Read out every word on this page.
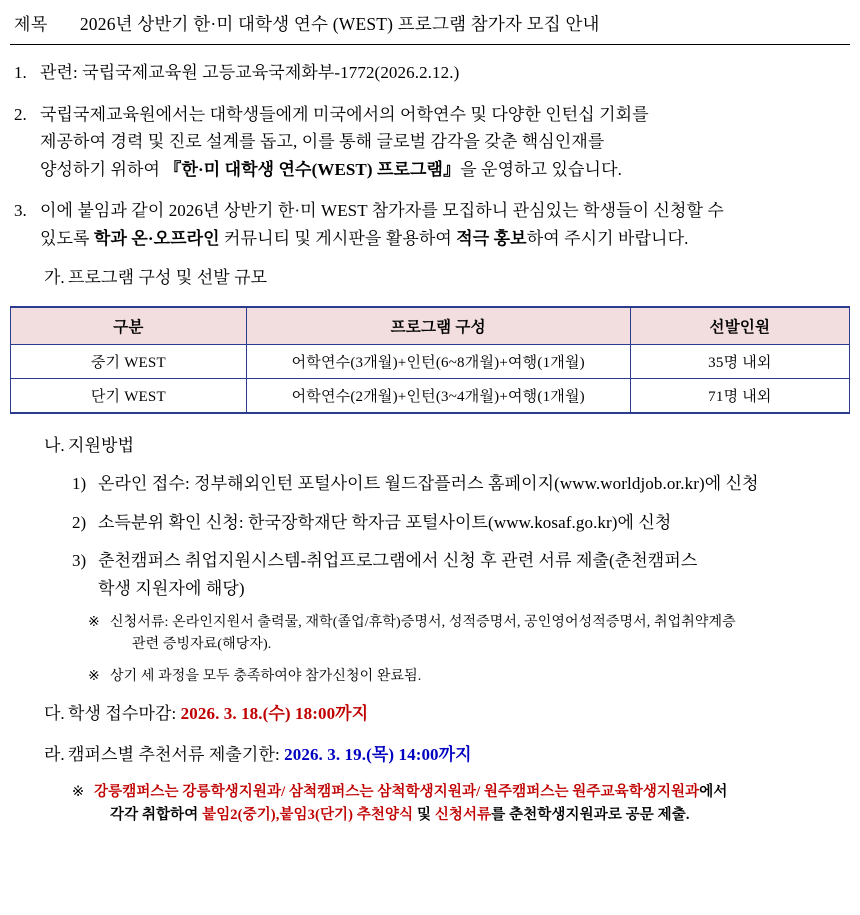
제목 2026년 상반기 한·미 대학생 연수 (WEST) 프로그램 참가자 모집 안내
1. 관련: 국립국제교육원 고등교육국제화부-1772(2026.2.12.)
2. 국립국제교육원에서는 대학생들에게 미국에서의 어학연수 및 다양한 인턴십 기회를
제공하여 경력 및 진로 설계를 돕고, 이를 통해 글로벌 감각을 갖춘 핵심인재를
양성하기 위하여 『한·미 대학생 연수(WEST) 프로그램』을 운영하고 있습니다.
3. 이에 붙임과 같이 2026년 상반기 한·미 WEST 참가자를 모집하니 관심있는 학생들이 신청할 수
있도록 학과 온·오프라인 커뮤니티 및 게시판을 활용하여 적극 홍보하여 주시기 바랍니다.
가. 프로그램 구성 및 선발 규모
구분	프로그램 구성	선발인원
중기 WEST	어학연수(3개월)+인턴(6~8개월)+여행(1개월)	35명 내외
단기 WEST	어학연수(2개월)+인턴(3~4개월)+여행(1개월)	71명 내외
나. 지원방법
1) 온라인 접수: 정부해외인턴 포털사이트 월드잡플러스 홈페이지(www.worldjob.or.kr)에 신청
2) 소득분위 확인 신청: 한국장학재단 학자금 포털사이트(www.kosaf.go.kr)에 신청
3) 춘천캠퍼스 취업지원시스템-취업프로그램에서 신청 후 관련 서류 제출(춘천캠퍼스
학생 지원자에 해당)
※ 신청서류: 온라인지원서 출력물, 재학(졸업/휴학)증명서, 성적증명서, 공인영어성적증명서, 취업취약계층
관련 증빙자료(해당자).
※ 상기 세 과정을 모두 충족하여야 참가신청이 완료됨.
다. 학생 접수마감: 2026. 3. 18.(수) 18:00까지
라. 캠퍼스별 추천서류 제출기한: 2026. 3. 19.(목) 14:00까지
※ 강릉캠퍼스는 강릉학생지원과/ 삼척캠퍼스는 삼척학생지원과/ 원주캠퍼스는 원주교육학생지원과에서
각각 취합하여 붙임2(중기),붙임3(단기) 추천양식 및 신청서류를 춘천학생지원과로 공문 제출.
